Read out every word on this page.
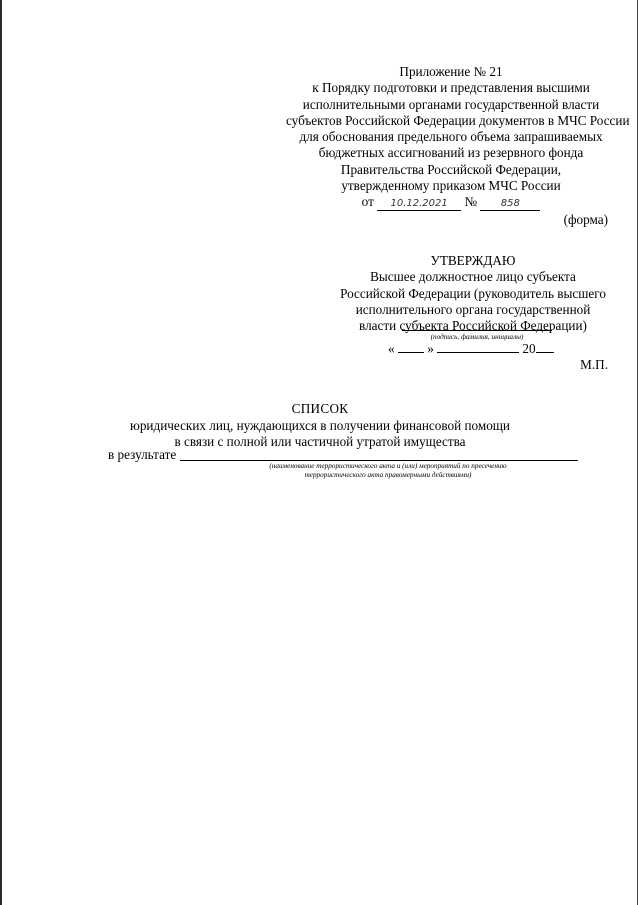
Приложение № 21
к Порядку подготовки и представления высшими
исполнительными органами государственной власти
субъектов Российской Федерации документов в МЧС России
для обоснования предельного объема запрашиваемых
бюджетных ассигнований из резервного фонда
Правительства Российской Федерации,
утвержденному приказом МЧС России
от 10.12.2021 № 858
(форма)
УТВЕРЖДАЮ
Высшее должностное лицо субъекта
Российской Федерации (руководитель высшего
исполнительного органа государственной
власти субъекта Российской Федерации)
(подпись, фамилия, инициалы)
« »	20
М.П.
СПИСОК
юридических лиц, нуждающихся в получении финансовой помощи
в связи с полной или частичной утратой имущества
в результате
(наименование террористического акта и (или) мероприятий по пресечению
террористического акта правомерными действиями)
